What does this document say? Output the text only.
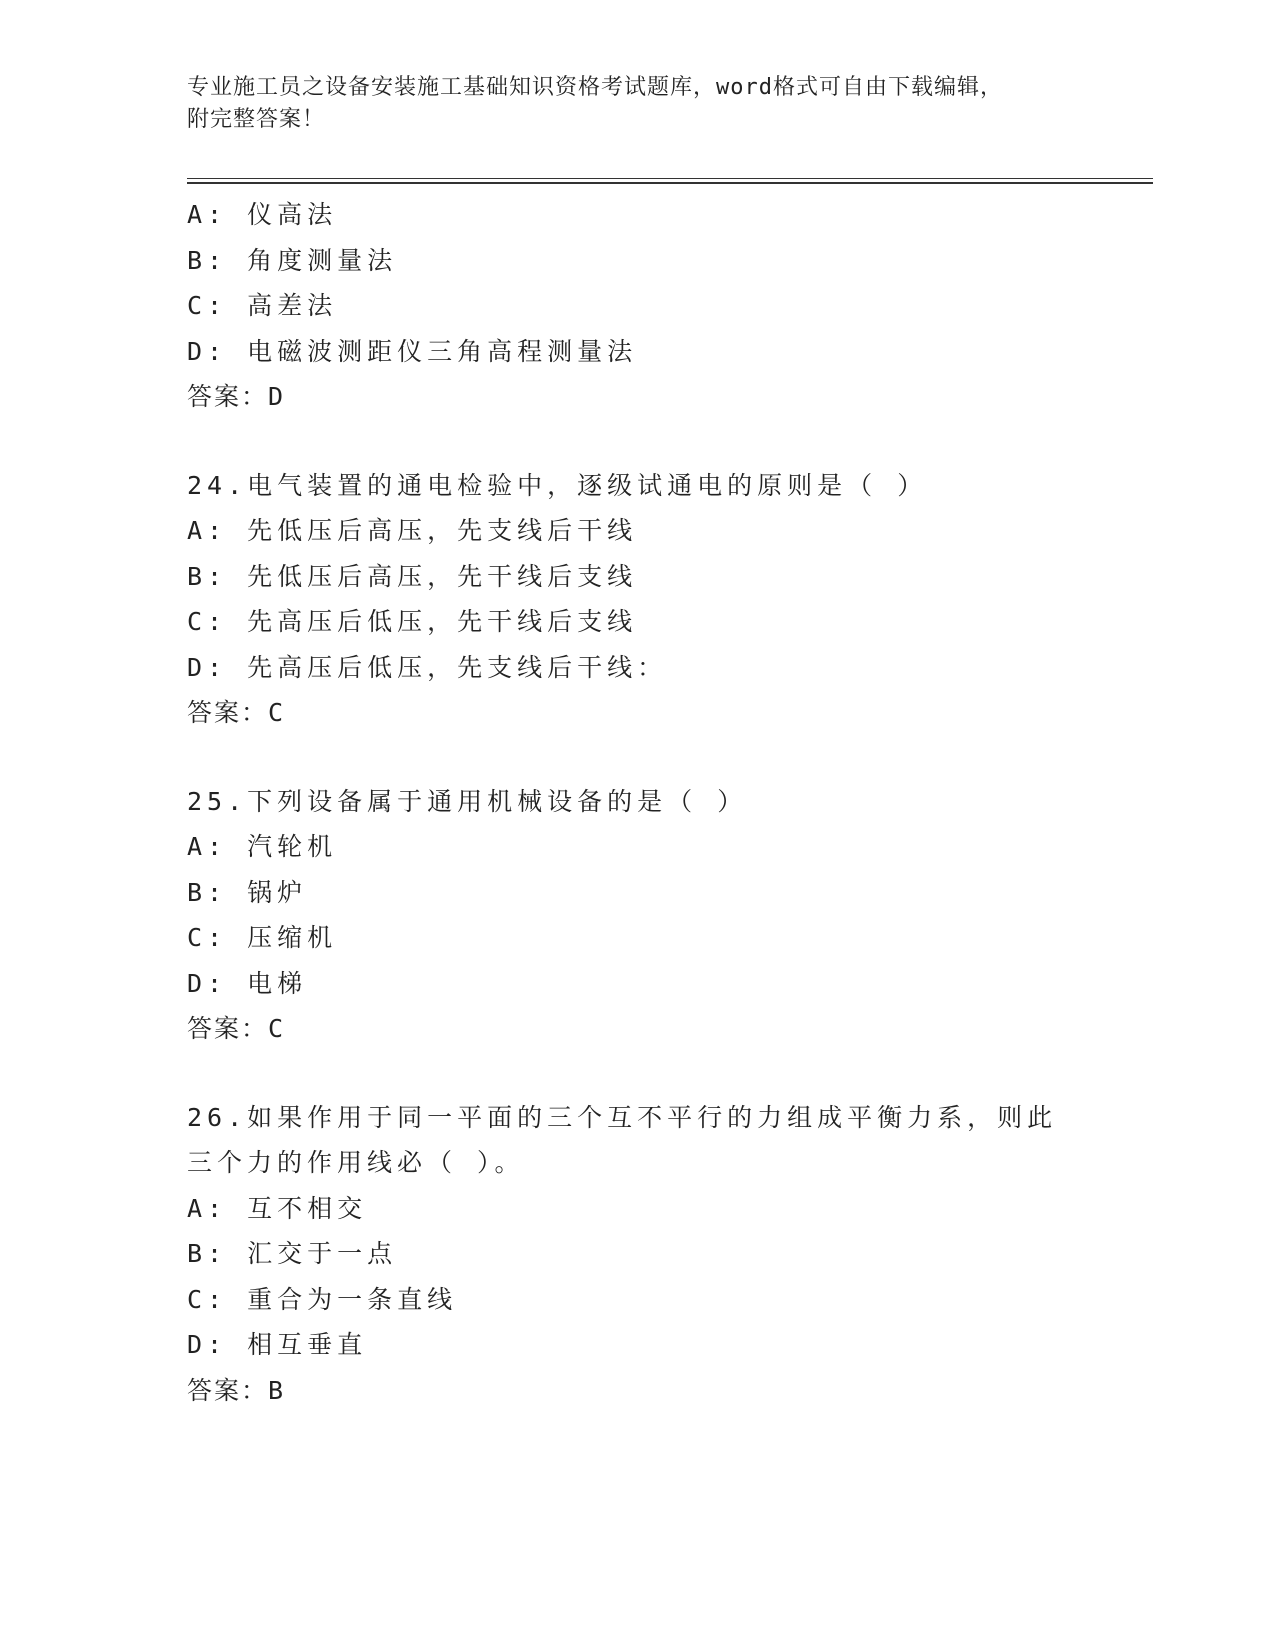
专业施工员之设备安装施工基础知识资格考试题库，word格式可自由下载编辑，
附完整答案！
A: 仪高法
B: 角度测量法
C: 高差法
D: 电磁波测距仪三角高程测量法
答案：D
24.电气装置的通电检验中，逐级试通电的原则是（ ）
A: 先低压后高压，先支线后干线
B: 先低压后高压，先干线后支线
C: 先高压后低压，先干线后支线
D: 先高压后低压，先支线后干线：
答案：C
25.下列设备属于通用机械设备的是（ ）
A: 汽轮机
B: 锅炉
C: 压缩机
D: 电梯
答案：C
26.如果作用于同一平面的三个互不平行的力组成平衡力系，则此三个力的作用线必（ ）。
A: 互不相交
B: 汇交于一点
C: 重合为一条直线
D: 相互垂直
答案：B
